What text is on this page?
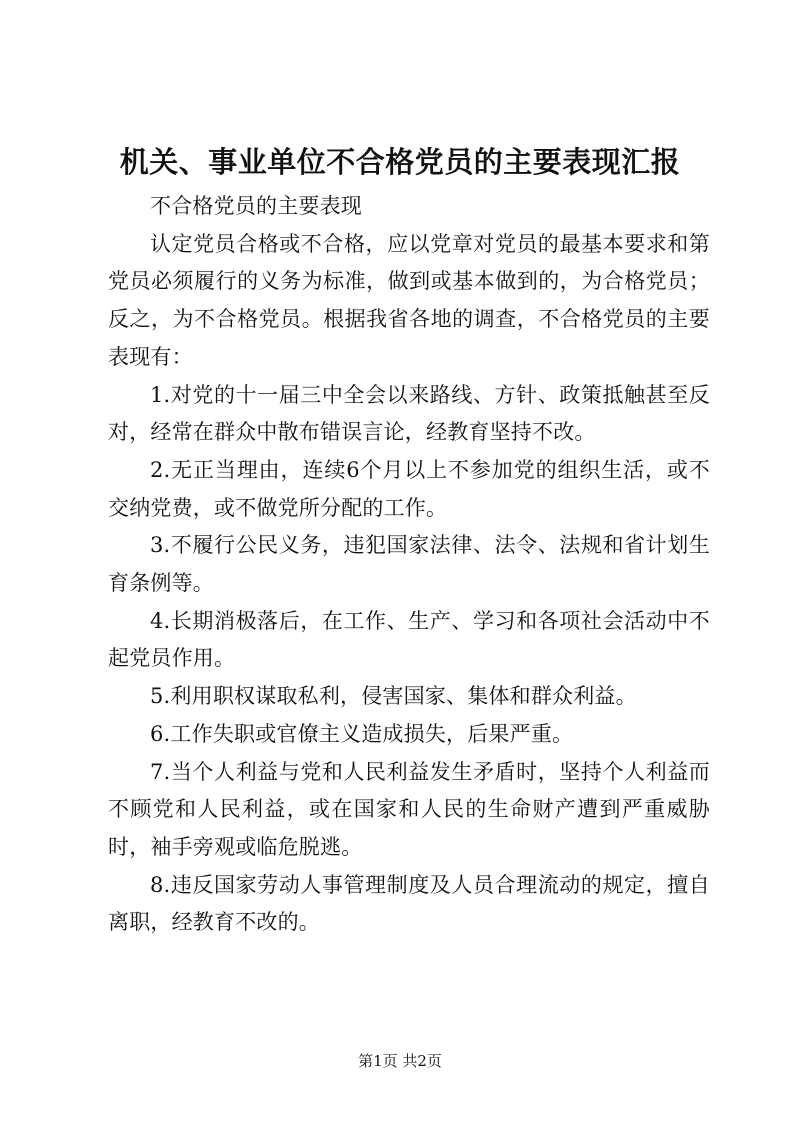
机关、事业单位不合格党员的主要表现汇报

不合格党员的主要表现

认定党员合格或不合格，应以党章对党员的最基本要求和第党员必须履行的义务为标准，做到或基本做到的，为合格党员；反之，为不合格党员。根据我省各地的调查，不合格党员的主要表现有：

1.对党的十一届三中全会以来路线、方针、政策抵触甚至反对，经常在群众中散布错误言论，经教育坚持不改。

2.无正当理由，连续6个月以上不参加党的组织生活，或不交纳党费，或不做党所分配的工作。

3.不履行公民义务，违犯国家法律、法令、法规和省计划生育条例等。

4.长期消极落后，在工作、生产、学习和各项社会活动中不起党员作用。

5.利用职权谋取私利，侵害国家、集体和群众利益。

6.工作失职或官僚主义造成损失，后果严重。

7.当个人利益与党和人民利益发生矛盾时，坚持个人利益而不顾党和人民利益，或在国家和人民的生命财产遭到严重威胁时，袖手旁观或临危脱逃。

8.违反国家劳动人事管理制度及人员合理流动的规定，擅自离职，经教育不改的。

第1页 共2页
